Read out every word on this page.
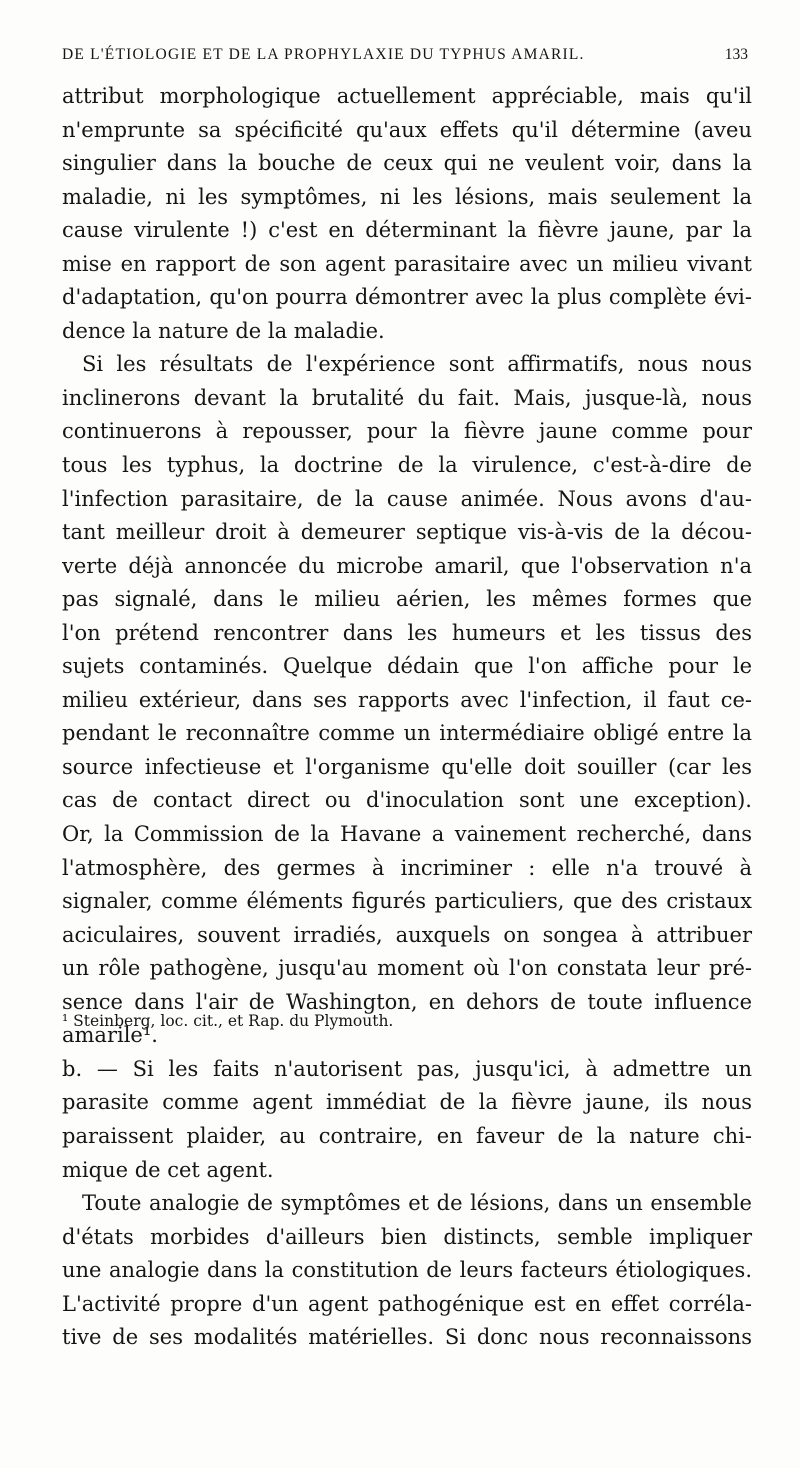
DE L'ÉTIOLOGIE ET DE LA PROPHYLAXIE DU TYPHUS AMARIL.	133
attribut morphologique actuellement appréciable, mais qu'il
n'emprunte sa spécificité qu'aux effets qu'il détermine (aveu
singulier dans la bouche de ceux qui ne veulent voir, dans la
maladie, ni les symptômes, ni les lésions, mais seulement la
cause virulente !) c'est en déterminant la fièvre jaune, par la
mise en rapport de son agent parasitaire avec un milieu vivant
d'adaptation, qu'on pourra démontrer avec la plus complète évi-
dence la nature de la maladie.
Si les résultats de l'expérience sont affirmatifs, nous nous
inclinerons devant la brutalité du fait. Mais, jusque-là, nous
continuerons à repousser, pour la fièvre jaune comme pour
tous les typhus, la doctrine de la virulence, c'est-à-dire de
l'infection parasitaire, de la cause animée. Nous avons d'au-
tant meilleur droit à demeurer septique vis-à-vis de la décou-
verte déjà annoncée du microbe amaril, que l'observation n'a
pas signalé, dans le milieu aérien, les mêmes formes que
l'on prétend rencontrer dans les humeurs et les tissus des
sujets contaminés. Quelque dédain que l'on affiche pour le
milieu extérieur, dans ses rapports avec l'infection, il faut ce-
pendant le reconnaître comme un intermédiaire obligé entre la
source infectieuse et l'organisme qu'elle doit souiller (car les
cas de contact direct ou d'inoculation sont une exception).
Or, la Commission de la Havane a vainement recherché, dans
l'atmosphère, des germes à incriminer : elle n'a trouvé à
signaler, comme éléments figurés particuliers, que des cristaux
aciculaires, souvent irradiés, auxquels on songea à attribuer
un rôle pathogène, jusqu'au moment où l'on constata leur pré-
sence dans l'air de Washington, en dehors de toute influence
amarile¹.
b. — Si les faits n'autorisent pas, jusqu'ici, à admettre un
parasite comme agent immédiat de la fièvre jaune, ils nous
paraissent plaider, au contraire, en faveur de la nature chi-
mique de cet agent.
Toute analogie de symptômes et de lésions, dans un ensemble
d'états morbides d'ailleurs bien distincts, semble impliquer
une analogie dans la constitution de leurs facteurs étiologiques.
L'activité propre d'un agent pathogénique est en effet corréla-
tive de ses modalités matérielles. Si donc nous reconnaissons
¹ Steinberg, loc. cit., et Rap. du Plymouth.
